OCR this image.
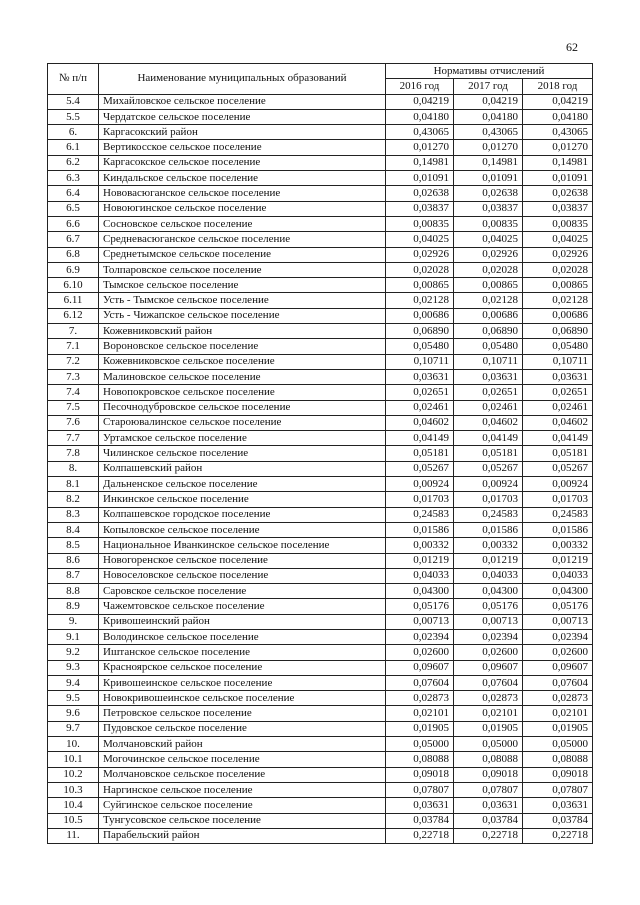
62
№ п/п	Наименование муниципальных образований	Нормативы отчислений		
		2016 год	2017 год	2018 год
5.4	Михайловское сельское поселение	0,04219	0,04219	0,04219
5.5	Чердатское сельское поселение	0,04180	0,04180	0,04180
6.	Каргасокский район	0,43065	0,43065	0,43065
6.1	Вертикосское сельское поселение	0,01270	0,01270	0,01270
6.2	Каргасокское сельское поселение	0,14981	0,14981	0,14981
6.3	Киндальское сельское поселение	0,01091	0,01091	0,01091
6.4	Нововасюганское сельское поселение	0,02638	0,02638	0,02638
6.5	Новоюгинское сельское поселение	0,03837	0,03837	0,03837
6.6	Сосновское сельское поселение	0,00835	0,00835	0,00835
6.7	Средневасюганское сельское поселение	0,04025	0,04025	0,04025
6.8	Среднетымское сельское поселение	0,02926	0,02926	0,02926
6.9	Толпаровское сельское поселение	0,02028	0,02028	0,02028
6.10	Тымское сельское поселение	0,00865	0,00865	0,00865
6.11	Усть - Тымское сельское поселение	0,02128	0,02128	0,02128
6.12	Усть - Чижапское сельское поселение	0,00686	0,00686	0,00686
7.	Кожевниковский район	0,06890	0,06890	0,06890
7.1	Вороновское сельское поселение	0,05480	0,05480	0,05480
7.2	Кожевниковское сельское поселение	0,10711	0,10711	0,10711
7.3	Малиновское сельское поселение	0,03631	0,03631	0,03631
7.4	Новопокровское сельское поселение	0,02651	0,02651	0,02651
7.5	Песочнодубровское сельское поселение	0,02461	0,02461	0,02461
7.6	Староювалинское сельское поселение	0,04602	0,04602	0,04602
7.7	Уртамское сельское поселение	0,04149	0,04149	0,04149
7.8	Чилинское сельское поселение	0,05181	0,05181	0,05181
8.	Колпашевский район	0,05267	0,05267	0,05267
8.1	Дальненское сельское поселение	0,00924	0,00924	0,00924
8.2	Инкинское сельское поселение	0,01703	0,01703	0,01703
8.3	Колпашевское городское поселение	0,24583	0,24583	0,24583
8.4	Копыловское сельское поселение	0,01586	0,01586	0,01586
8.5	Национальное Иванкинское сельское поселение	0,00332	0,00332	0,00332
8.6	Новогоренское сельское поселение	0,01219	0,01219	0,01219
8.7	Новоселовское сельское поселение	0,04033	0,04033	0,04033
8.8	Саровское сельское поселение	0,04300	0,04300	0,04300
8.9	Чажемтовское сельское поселение	0,05176	0,05176	0,05176
9.	Кривошеинский район	0,00713	0,00713	0,00713
9.1	Володинское сельское поселение	0,02394	0,02394	0,02394
9.2	Иштанское сельское поселение	0,02600	0,02600	0,02600
9.3	Красноярское сельское поселение	0,09607	0,09607	0,09607
9.4	Кривошеинское сельское поселение	0,07604	0,07604	0,07604
9.5	Новокривошеинское сельское поселение	0,02873	0,02873	0,02873
9.6	Петровское сельское поселение	0,02101	0,02101	0,02101
9.7	Пудовское сельское поселение	0,01905	0,01905	0,01905
10.	Молчановский район	0,05000	0,05000	0,05000
10.1	Могочинское сельское поселение	0,08088	0,08088	0,08088
10.2	Молчановское сельское поселение	0,09018	0,09018	0,09018
10.3	Наргинское сельское поселение	0,07807	0,07807	0,07807
10.4	Суйгинское сельское поселение	0,03631	0,03631	0,03631
10.5	Тунгусовское сельское поселение	0,03784	0,03784	0,03784
11.	Парабельский район	0,22718	0,22718	0,22718
